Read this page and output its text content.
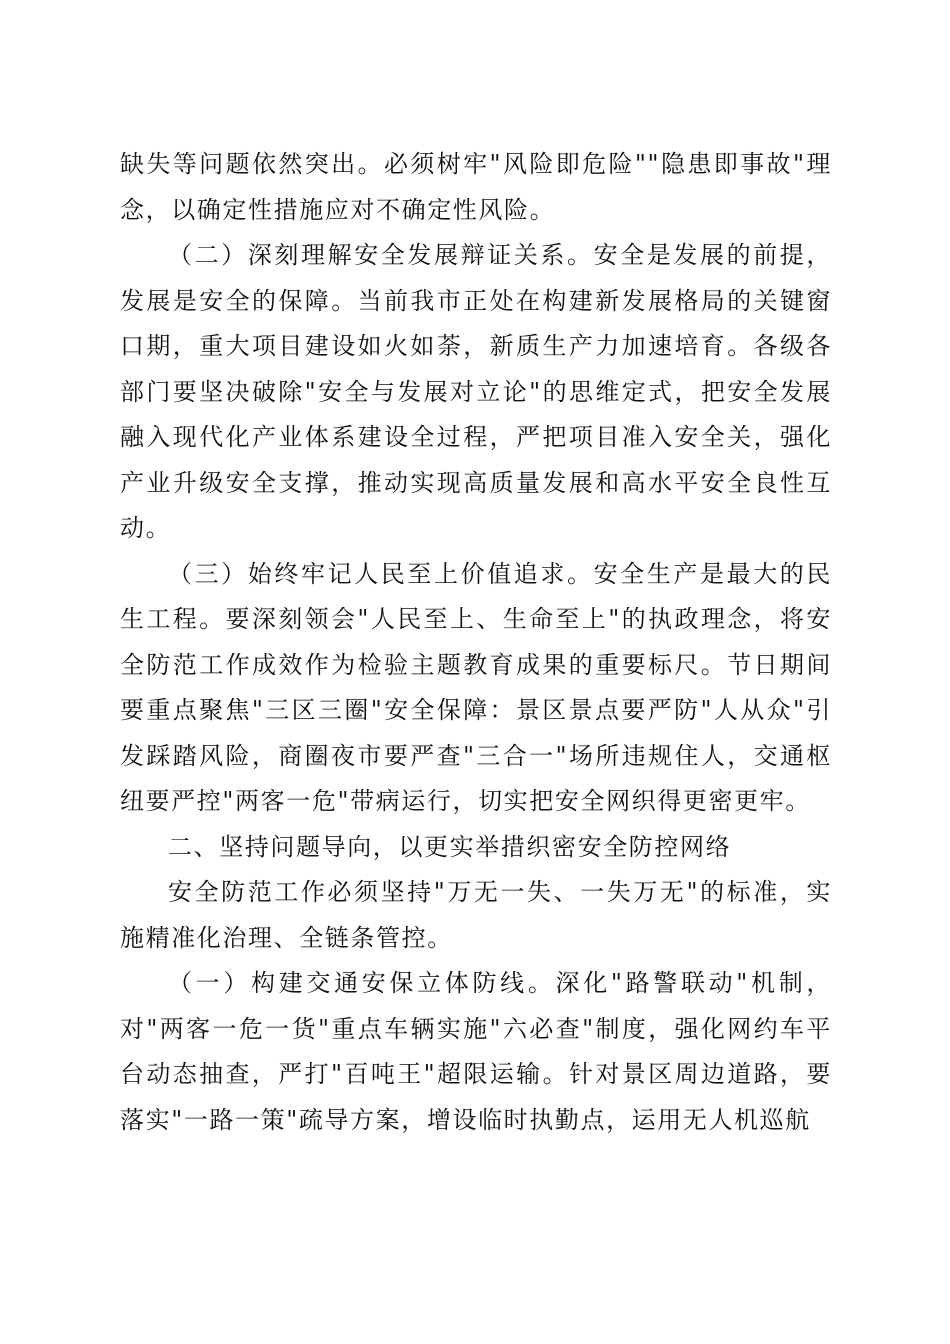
缺失等问题依然突出。必须树牢"风险即危险""隐患即事故"理念，以确定性措施应对不确定性风险。

（二）深刻理解安全发展辩证关系。安全是发展的前提，发展是安全的保障。当前我市正处在构建新发展格局的关键窗口期，重大项目建设如火如荼，新质生产力加速培育。各级各部门要坚决破除"安全与发展对立论"的思维定式，把安全发展融入现代化产业体系建设全过程，严把项目准入安全关，强化产业升级安全支撑，推动实现高质量发展和高水平安全良性互动。

（三）始终牢记人民至上价值追求。安全生产是最大的民生工程。要深刻领会"人民至上、生命至上"的执政理念，将安全防范工作成效作为检验主题教育成果的重要标尺。节日期间要重点聚焦"三区三圈"安全保障：景区景点要严防"人从众"引发踩踏风险，商圈夜市要严查"三合一"场所违规住人，交通枢纽要严控"两客一危"带病运行，切实把安全网织得更密更牢。

二、坚持问题导向，以更实举措织密安全防控网络

安全防范工作必须坚持"万无一失、一失万无"的标准，实施精准化治理、全链条管控。

（一）构建交通安保立体防线。深化"路警联动"机制，对"两客一危一货"重点车辆实施"六必查"制度，强化网约车平台动态抽查，严打"百吨王"超限运输。针对景区周边道路，要落实"一路一策"疏导方案，增设临时执勤点，运用无人机巡航
